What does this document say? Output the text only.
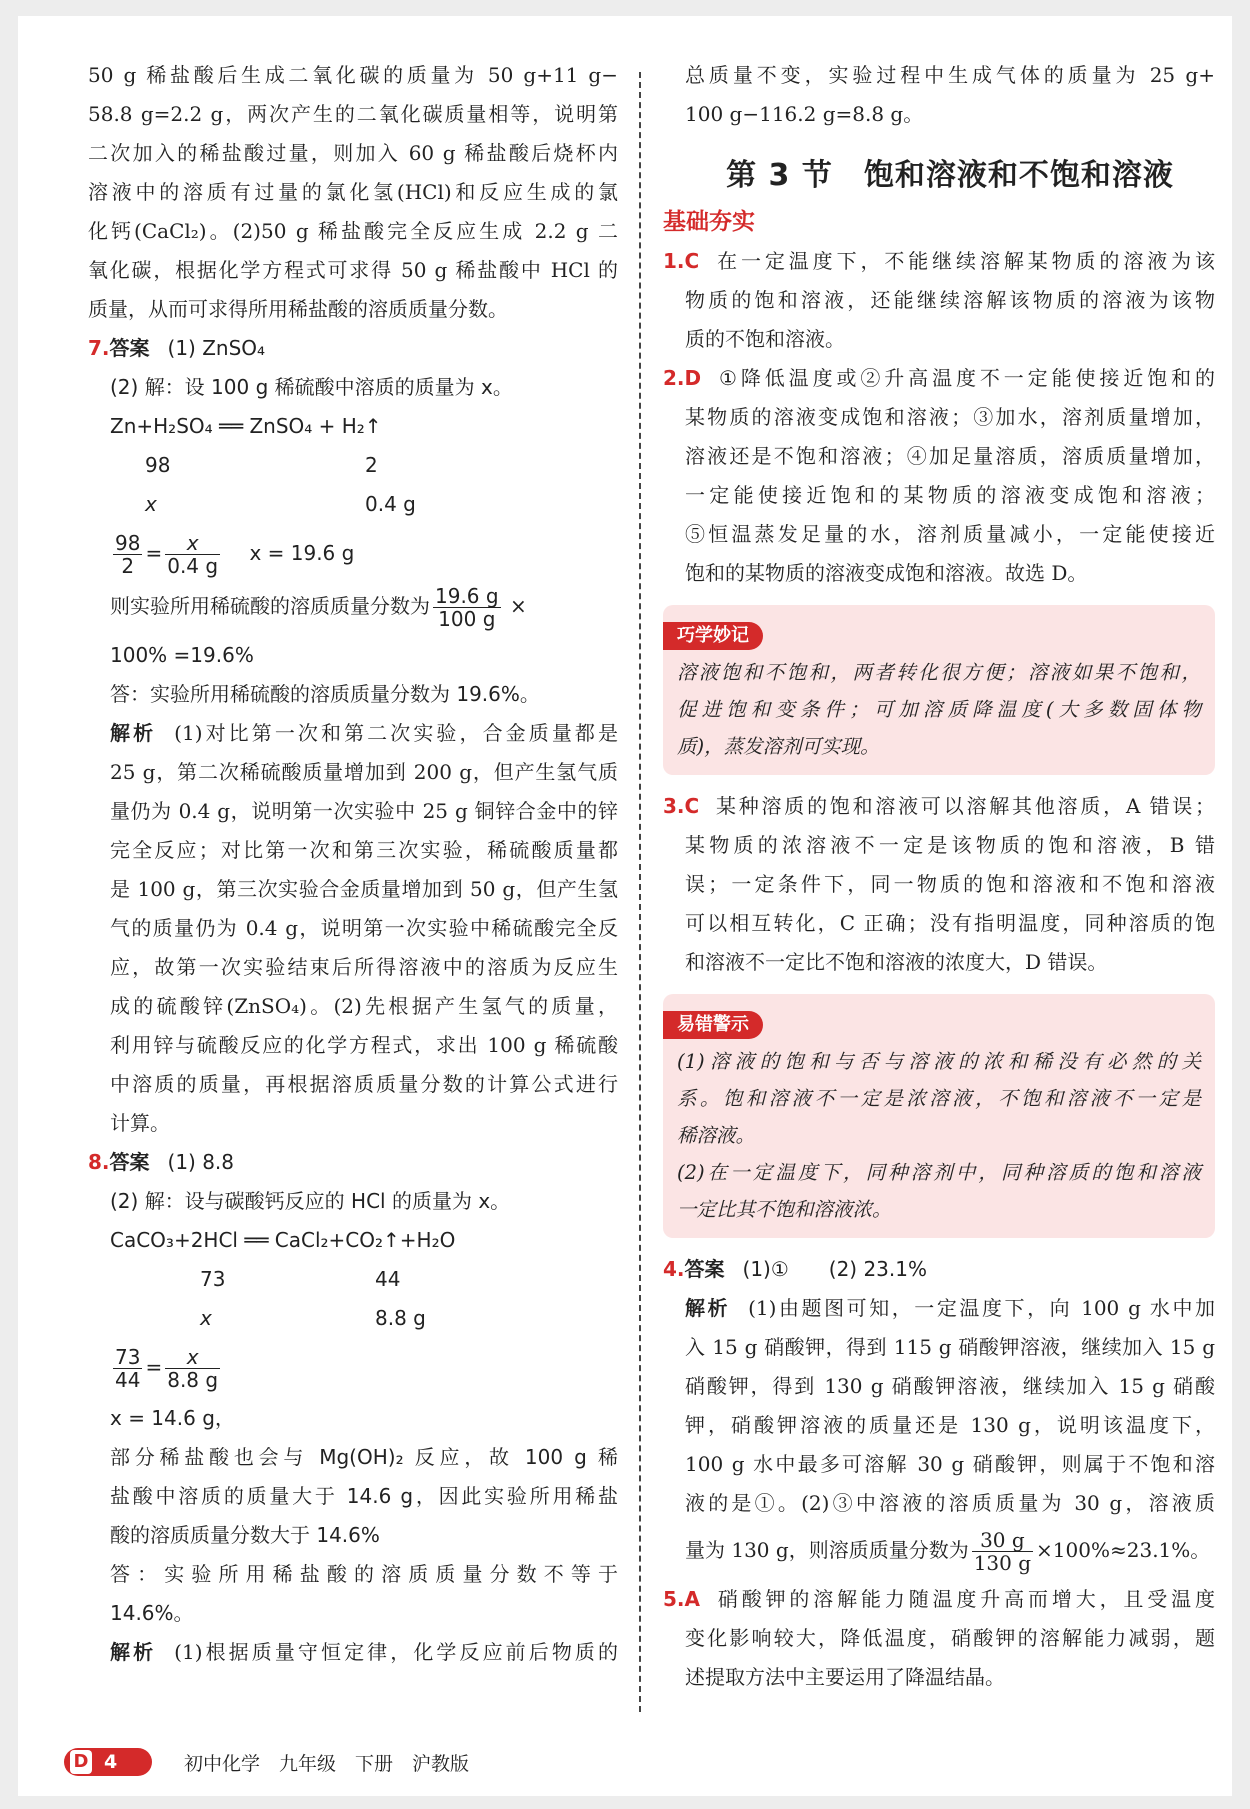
50 g 稀盐酸后生成二氧化碳的质量为 50 g+11 g−

58.8 g=2.2 g，两次产生的二氧化碳质量相等，说明第

二次加入的稀盐酸过量，则加入 60 g 稀盐酸后烧杯内

溶液中的溶质有过量的氯化氢(HCl)和反应生成的氯

化钙(CaCl₂)。(2)50 g 稀盐酸完全反应生成 2.2 g 二

氧化碳，根据化学方程式可求得 50 g 稀盐酸中 HCl 的

质量，从而可求得所用稀盐酸的溶质质量分数。

7.答案 (1) ZnSO₄

(2) 解：设 100 g 稀硫酸中溶质的质量为 x。

Zn+H₂SO₄ ══ ZnSO₄ + H₂↑

98	2

x	0.4 g

$\frac{98}{2} = \frac{x}{0.4 g}$ x = 19.6 g

则实验所用稀硫酸的溶质质量分数为 $\frac{19.6 g}{100 g}$ ×

100% =19.6%

答：实验所用稀硫酸的溶质质量分数为 19.6%。

解析 (1)对比第一次和第二次实验，合金质量都是

25 g，第二次稀硫酸质量增加到 200 g，但产生氢气质

量仍为 0.4 g，说明第一次实验中 25 g 铜锌合金中的锌

完全反应；对比第一次和第三次实验，稀硫酸质量都

是 100 g，第三次实验合金质量增加到 50 g，但产生氢

气的质量仍为 0.4 g，说明第一次实验中稀硫酸完全反

应，故第一次实验结束后所得溶液中的溶质为反应生

成的硫酸锌(ZnSO₄)。(2)先根据产生氢气的质量，

利用锌与硫酸反应的化学方程式，求出 100 g 稀硫酸

中溶质的质量，再根据溶质质量分数的计算公式进行

计算。

8.答案 (1) 8.8

(2) 解：设与碳酸钙反应的 HCl 的质量为 x。

CaCO₃+2HCl ══ CaCl₂+CO₂↑+H₂O

73	44

x	8.8 g

$\frac{73}{44} = \frac{x}{8.8 g}$

x = 14.6 g，

部分稀盐酸也会与 Mg(OH)₂ 反应，故 100 g 稀

盐酸中溶质的质量大于 14.6 g，因此实验所用稀盐

酸的溶质质量分数大于 14.6%

答：实验所用稀盐酸的溶质质量分数不等于

14.6%。

解析 (1)根据质量守恒定律，化学反应前后物质的

总质量不变，实验过程中生成气体的质量为 25 g+

100 g−116.2 g=8.8 g。

第 3 节　饱和溶液和不饱和溶液

基础夯实

1.C 在一定温度下，不能继续溶解某物质的溶液为该

物质的饱和溶液，还能继续溶解该物质的溶液为该物

质的不饱和溶液。

2.D ①降低温度或②升高温度不一定能使接近饱和的

某物质的溶液变成饱和溶液；③加水，溶剂质量增加，

溶液还是不饱和溶液；④加足量溶质，溶质质量增加，

一定能使接近饱和的某物质的溶液变成饱和溶液；

⑤恒温蒸发足量的水，溶剂质量减小，一定能使接近

饱和的某物质的溶液变成饱和溶液。故选 D。

巧学妙记

溶液饱和不饱和，两者转化很方便；溶液如果不饱和，

促进饱和变条件；可加溶质降温度(大多数固体物

质)，蒸发溶剂可实现。

3.C 某种溶质的饱和溶液可以溶解其他溶质，A 错误；

某物质的浓溶液不一定是该物质的饱和溶液，B 错

误；一定条件下，同一物质的饱和溶液和不饱和溶液

可以相互转化，C 正确；没有指明温度，同种溶质的饱

和溶液不一定比不饱和溶液的浓度大，D 错误。

易错警示

(1)溶液的饱和与否与溶液的浓和稀没有必然的关

系。饱和溶液不一定是浓溶液，不饱和溶液不一定是

稀溶液。

(2)在一定温度下，同种溶剂中，同种溶质的饱和溶液

一定比其不饱和溶液浓。

4.答案 (1)①　　(2) 23.1%

解析 (1)由题图可知，一定温度下，向 100 g 水中加

入 15 g 硝酸钾，得到 115 g 硝酸钾溶液，继续加入 15 g

硝酸钾，得到 130 g 硝酸钾溶液，继续加入 15 g 硝酸

钾，硝酸钾溶液的质量还是 130 g，说明该温度下，

100 g 水中最多可溶解 30 g 硝酸钾，则属于不饱和溶

液的是①。(2)③中溶液的溶质质量为 30 g，溶液质

量为 130 g，则溶质质量分数为 $\frac{30 g}{130 g} \times 100\%\approx 23.1\%$。

5.A 硝酸钾的溶解能力随温度升高而增大，且受温度

变化影响较大，降低温度，硝酸钾的溶解能力减弱，题

述提取方法中主要运用了降温结晶。

D 4	初中化学　九年级　下册　沪教版
